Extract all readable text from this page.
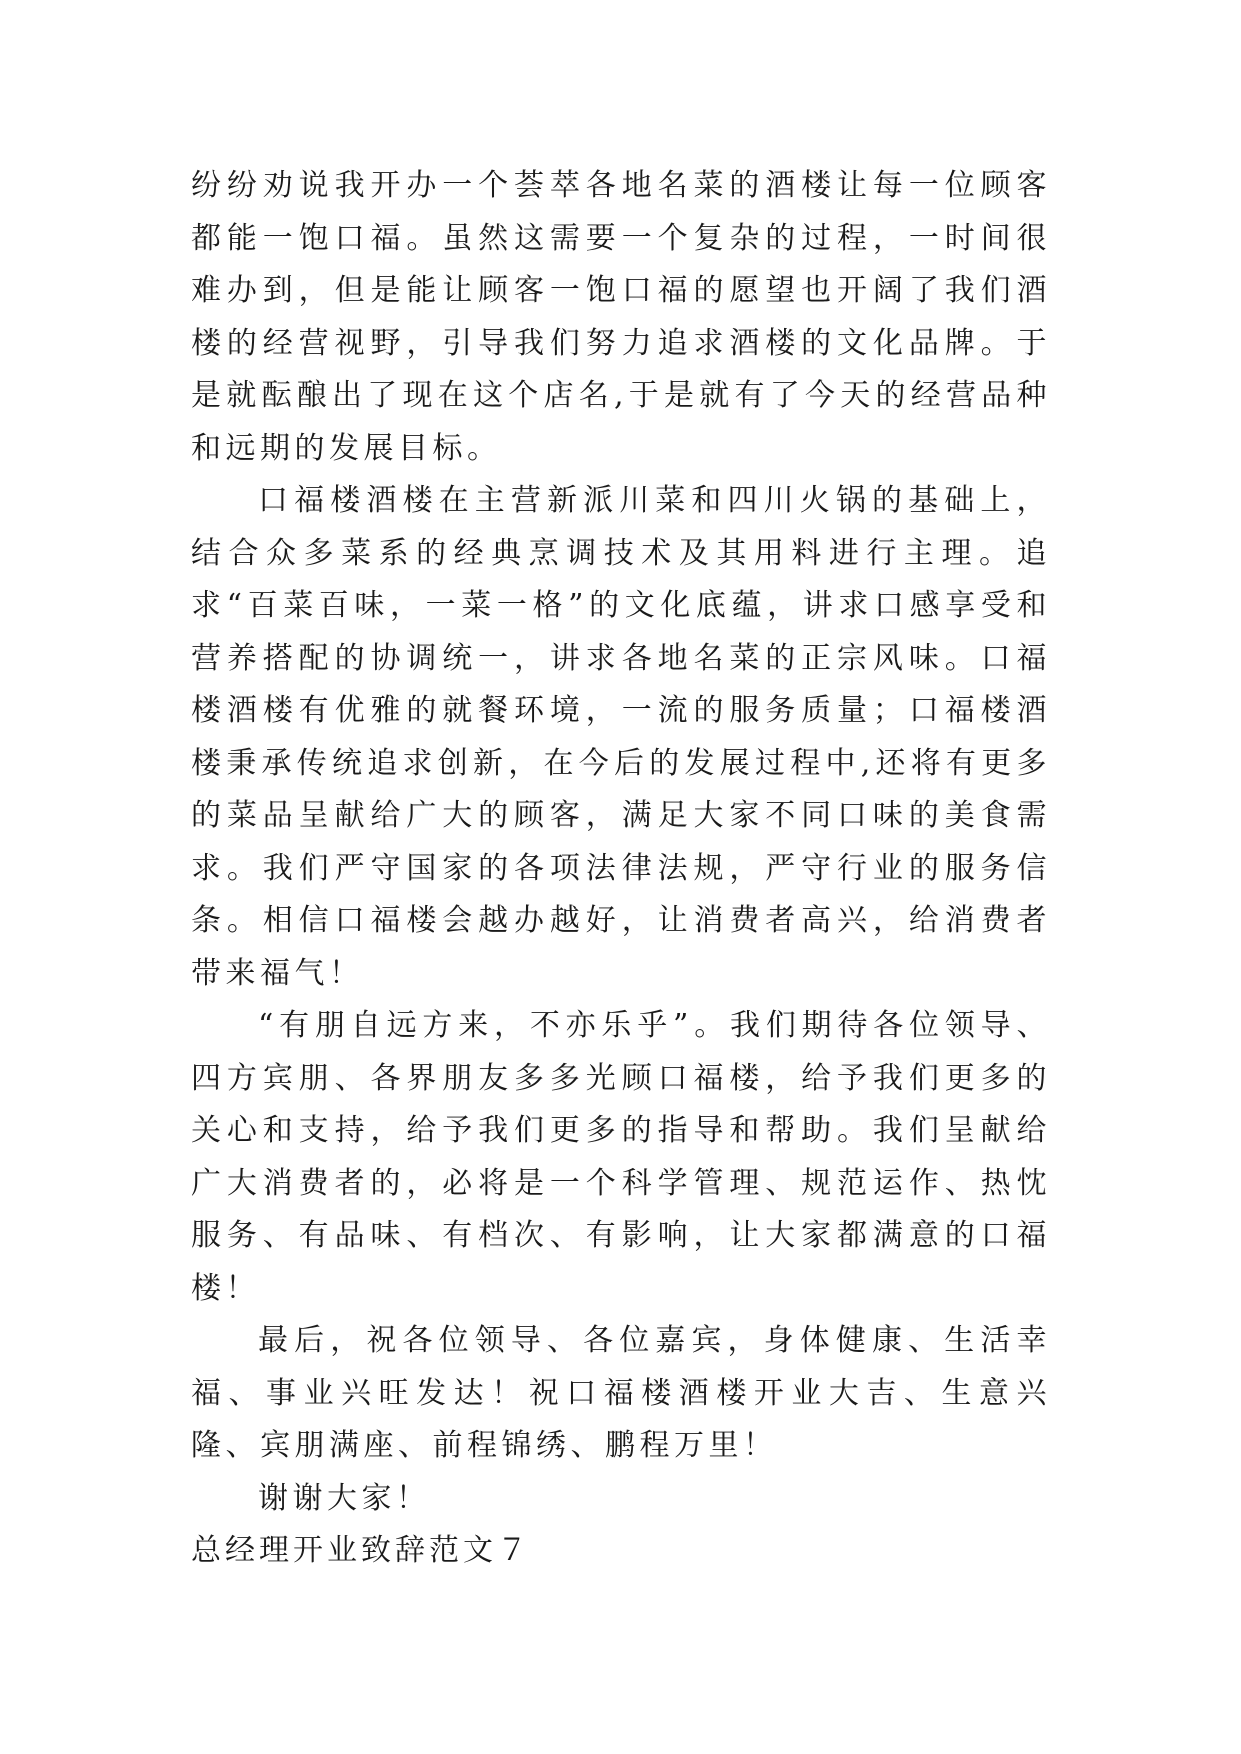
纷纷劝说我开办一个荟萃各地名菜的酒楼让每一位顾客都能一饱口福。虽然这需要一个复杂的过程，一时间很难办到，但是能让顾客一饱口福的愿望也开阔了我们酒楼的经营视野，引导我们努力追求酒楼的文化品牌。于是就酝酿出了现在这个店名,于是就有了今天的经营品种和远期的发展目标。

口福楼酒楼在主营新派川菜和四川火锅的基础上，结合众多菜系的经典烹调技术及其用料进行主理。追求“百菜百味，一菜一格”的文化底蕴，讲求口感享受和营养搭配的协调统一，讲求各地名菜的正宗风味。口福楼酒楼有优雅的就餐环境，一流的服务质量；口福楼酒楼秉承传统追求创新，在今后的发展过程中,还将有更多的菜品呈献给广大的顾客，满足大家不同口味的美食需求。我们严守国家的各项法律法规，严守行业的服务信条。相信口福楼会越办越好，让消费者高兴，给消费者带来福气！

“有朋自远方来，不亦乐乎”。我们期待各位领导、四方宾朋、各界朋友多多光顾口福楼，给予我们更多的关心和支持，给予我们更多的指导和帮助。我们呈献给广大消费者的，必将是一个科学管理、规范运作、热忱服务、有品味、有档次、有影响，让大家都满意的口福楼！

最后，祝各位领导、各位嘉宾，身体健康、生活幸福、事业兴旺发达！祝口福楼酒楼开业大吉、生意兴隆、宾朋满座、前程锦绣、鹏程万里！

谢谢大家！

总经理开业致辞范文７
